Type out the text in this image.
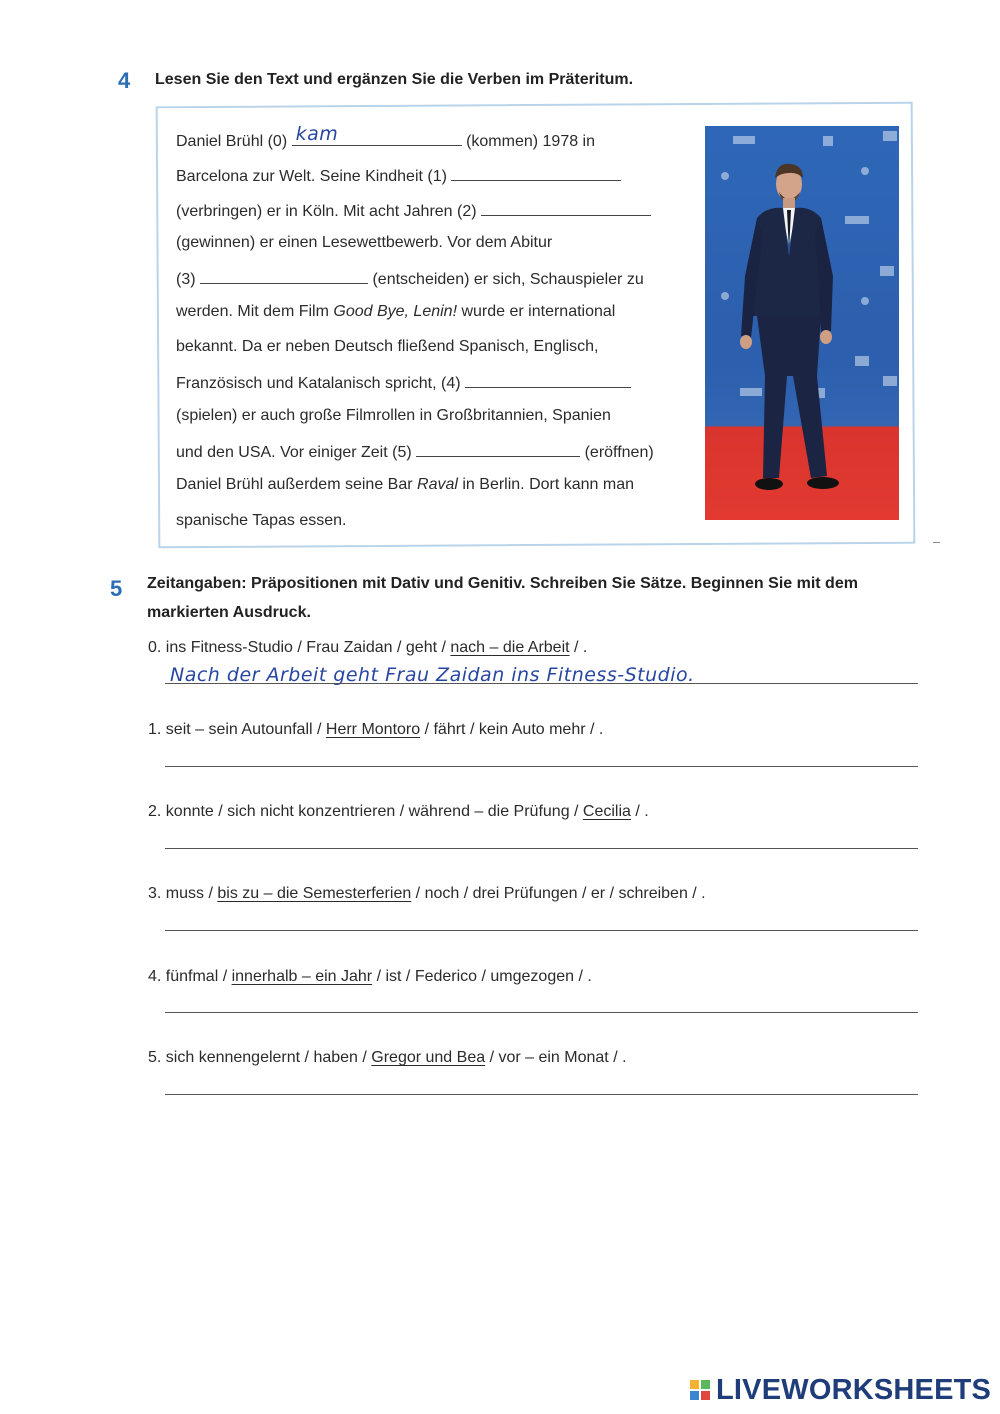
4 Lesen Sie den Text und ergänzen Sie die Verben im Präteritum.
Daniel Brühl (0) kam	(kommen) 1978 in
Barcelona zur Welt. Seine Kindheit (1)
(verbringen) er in Köln. Mit acht Jahren (2)
(gewinnen) er einen Lesewettbewerb. Vor dem Abitur
(3)	(entscheiden) er sich, Schauspieler zu
werden. Mit dem Film Good Bye, Lenin! wurde er international
bekannt. Da er neben Deutsch fließend Spanisch, Englisch,
Französisch und Katalanisch spricht, (4)
(spielen) er auch große Filmrollen in Großbritannien, Spanien
und den USA. Vor einiger Zeit (5)	(eröffnen)
Daniel Brühl außerdem seine Bar Raval in Berlin. Dort kann man
spanische Tapas essen.
5 Zeitangaben: Präpositionen mit Dativ und Genitiv. Schreiben Sie Sätze. Beginnen Sie mit dem
markierten Ausdruck.
0. ins Fitness-Studio / Frau Zaidan / geht / nach – die Arbeit / .
Nach der Arbeit geht Frau Zaidan ins Fitness-Studio.
1. seit – sein Autounfall / Herr Montoro / fährt / kein Auto mehr / .
2. konnte / sich nicht konzentrieren / während – die Prüfung / Cecilia / .
3. muss / bis zu – die Semesterferien / noch / drei Prüfungen / er / schreiben / .
4. fünfmal / innerhalb – ein Jahr / ist / Federico / umgezogen / .
5. sich kennengelernt / haben / Gregor und Bea / vor – ein Monat / .
LIVEWORKSHEETS
